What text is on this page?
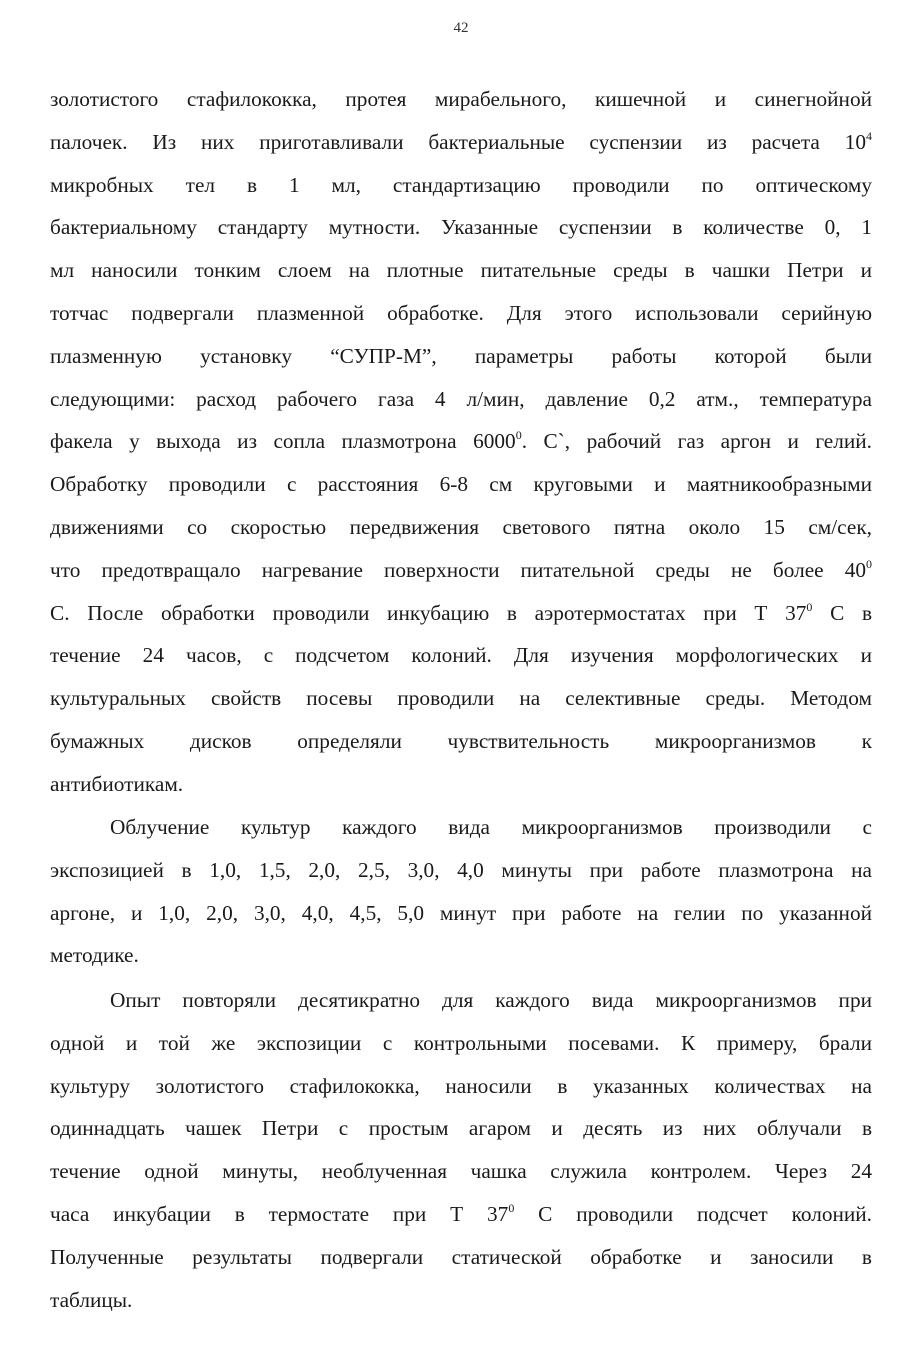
42
золотистого стафилококка, протея мирабельного, кишечной и синегнойной
палочек. Из них приготавливали бактериальные суспензии из расчета $10^4$
микробных тел в 1 мл, стандартизацию проводили по оптическому
бактериальному стандарту мутности. Указанные суспензии в количестве 0, 1
мл наносили тонким слоем на плотные питательные среды в чашки Петри и
тотчас подвергали плазменной обработке. Для этого использовали серийную
плазменную установку “СУПР-М”, параметры работы которой были
следующими: расход рабочего газа 4 л/мин, давление 0,2 атм., температура
факела у выхода из сопла плазмотрона 6000$^0$. С`, рабочий газ аргон и гелий.
Обработку проводили с расстояния 6-8 см круговыми и маятникообразными
движениями со скоростью передвижения светового пятна около 15 см/сек,
что предотвращало нагревание поверхности питательной среды не более $40^0$
С. После обработки проводили инкубацию в аэротермостатах при Т $37^0$ С в
течение 24 часов, с подсчетом колоний. Для изучения морфологических и
культуральных свойств посевы проводили на селективные среды. Методом
бумажных дисков определяли чувствительность микроорганизмов к
антибиотикам.
Облучение культур каждого вида микроорганизмов производили с
экспозицией в 1,0, 1,5, 2,0, 2,5, 3,0, 4,0 минуты при работе плазмотрона на
аргоне, и 1,0, 2,0, 3,0, 4,0, 4,5, 5,0 минут при работе на гелии по указанной
методике.
Опыт повторяли десятикратно для каждого вида микроорганизмов при
одной и той же экспозиции с контрольными посевами. К примеру, брали
культуру золотистого стафилококка, наносили в указанных количествах на
одиннадцать чашек Петри с простым агаром и десять из них облучали в
течение одной минуты, необлученная чашка служила контролем. Через 24
часа инкубации в термостате при Т $37^0$ С проводили подсчет колоний.
Полученные результаты подвергали статической обработке и заносили в
таблицы.
